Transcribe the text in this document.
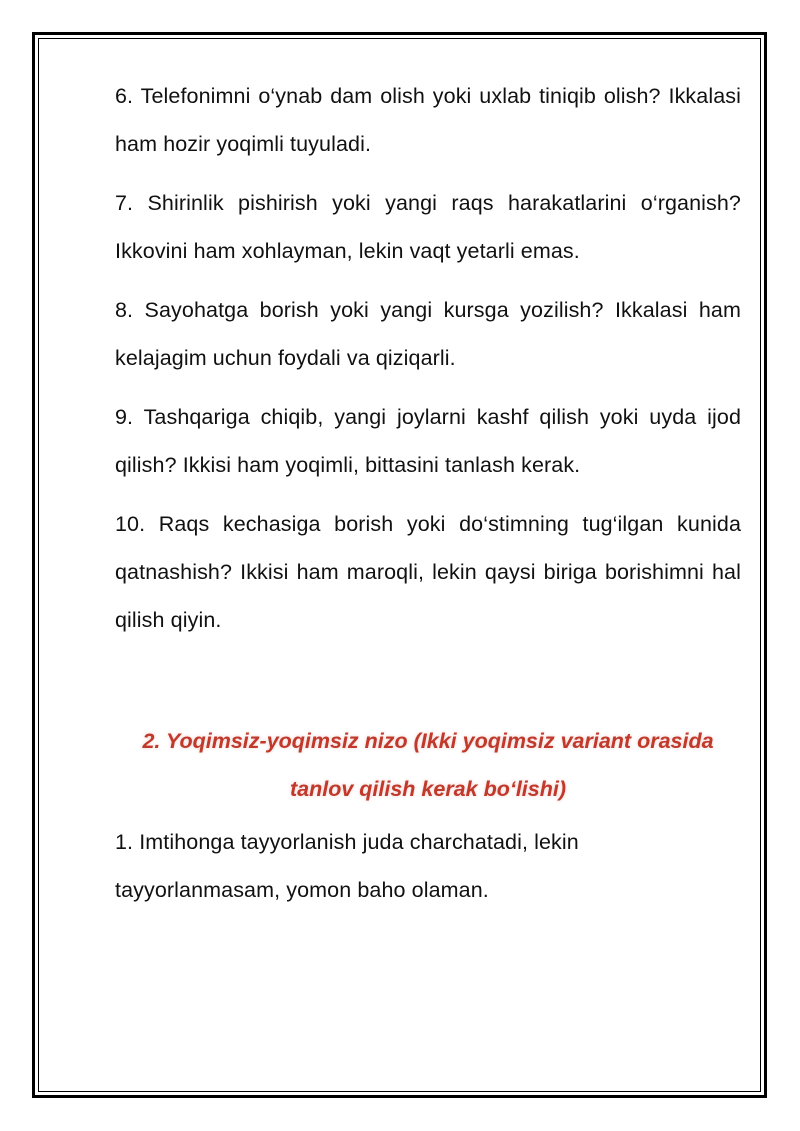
6. Telefonimni o‘ynab dam olish yoki uxlab tiniqib olish? Ikkalasi ham hozir yoqimli tuyuladi.

7. Shirinlik pishirish yoki yangi raqs harakatlarini o‘rganish? Ikkovini ham xohlayman, lekin vaqt yetarli emas.

8. Sayohatga borish yoki yangi kursga yozilish? Ikkalasi ham kelajagim uchun foydali va qiziqarli.

9. Tashqariga chiqib, yangi joylarni kashf qilish yoki uyda ijod qilish? Ikkisi ham yoqimli, bittasini tanlash kerak.

10. Raqs kechasiga borish yoki do‘stimning tug‘ilgan kunida qatnashish? Ikkisi ham maroqli, lekin qaysi biriga borishimni hal qilish qiyin.

2. Yoqimsiz-yoqimsiz nizo (Ikki yoqimsiz variant orasida tanlov qilish kerak bo‘lishi)

1. Imtihonga tayyorlanish juda charchatadi, lekin tayyorlanmasam, yomon baho olaman.
